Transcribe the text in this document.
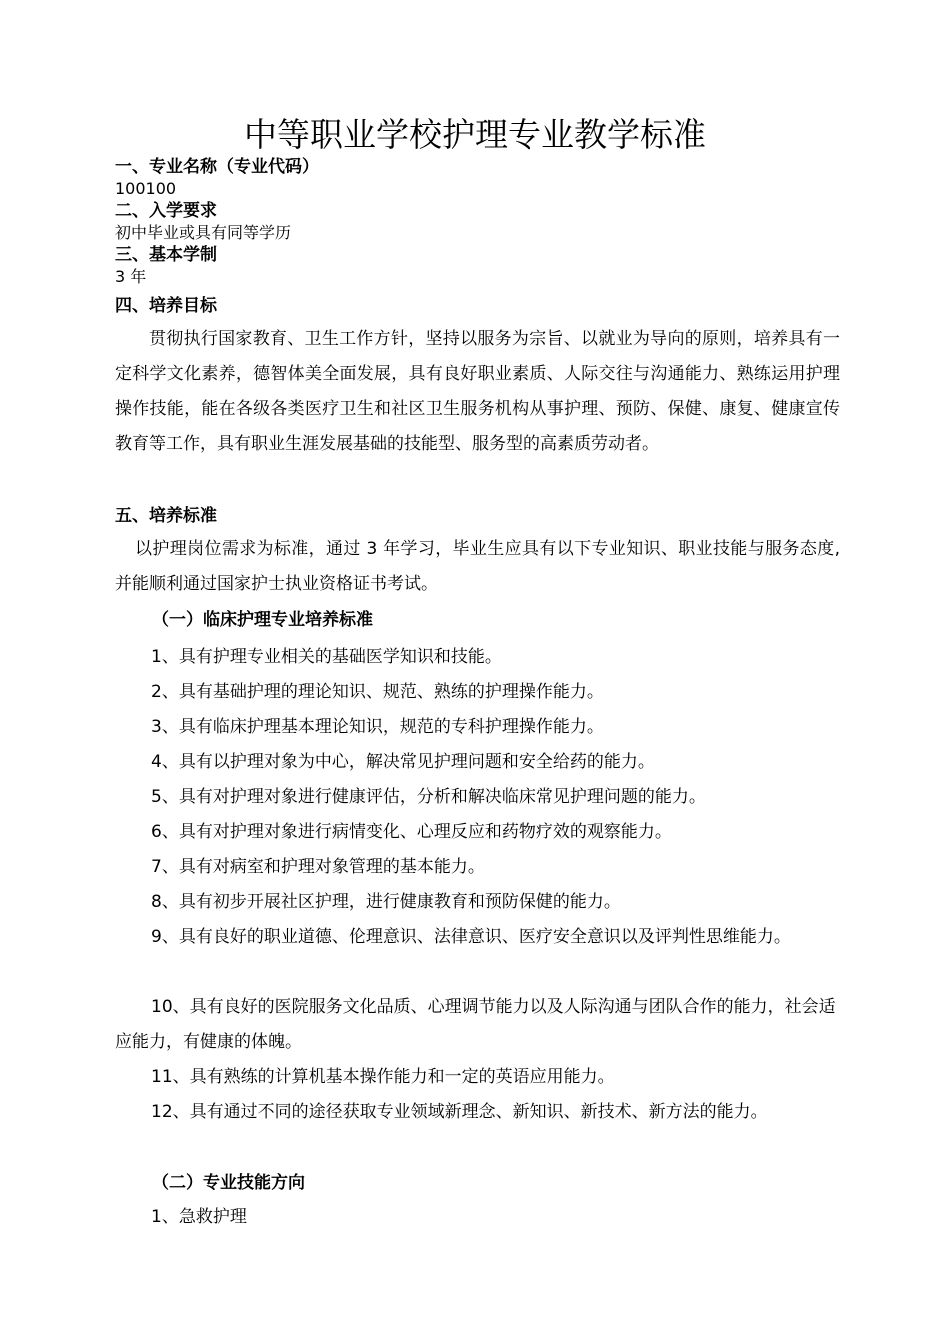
中等职业学校护理专业教学标准
一、专业名称（专业代码）
100100
二、入学要求
初中毕业或具有同等学历
三、基本学制
3 年
四、培养目标

贯彻执行国家教育、卫生工作方针，坚持以服务为宗旨、以就业为导向的原则，培养具有一定科学文化素养，德智体美全面发展，具有良好职业素质、人际交往与沟通能力、熟练运用护理操作技能，能在各级各类医疗卫生和社区卫生服务机构从事护理、预防、保健、康复、健康宣传教育等工作，具有职业生涯发展基础的技能型、服务型的高素质劳动者。

五、培养标准

以护理岗位需求为标准，通过 3 年学习，毕业生应具有以下专业知识、职业技能与服务态度,并能顺利通过国家护士执业资格证书考试。

（一）临床护理专业培养标准

1、具有护理专业相关的基础医学知识和技能。

2、具有基础护理的理论知识、规范、熟练的护理操作能力。

3、具有临床护理基本理论知识，规范的专科护理操作能力。

4、具有以护理对象为中心，解决常见护理问题和安全给药的能力。

5、具有对护理对象进行健康评估，分析和解决临床常见护理问题的能力。

6、具有对护理对象进行病情变化、心理反应和药物疗效的观察能力。

7、具有对病室和护理对象管理的基本能力。

8、具有初步开展社区护理，进行健康教育和预防保健的能力。

9、具有良好的职业道德、伦理意识、法律意识、医疗安全意识以及评判性思维能力。

10、具有良好的医院服务文化品质、心理调节能力以及人际沟通与团队合作的能力，社会适应能力，有健康的体魄。

11、具有熟练的计算机基本操作能力和一定的英语应用能力。

12、具有通过不同的途径获取专业领域新理念、新知识、新技术、新方法的能力。

（二）专业技能方向

1、急救护理
